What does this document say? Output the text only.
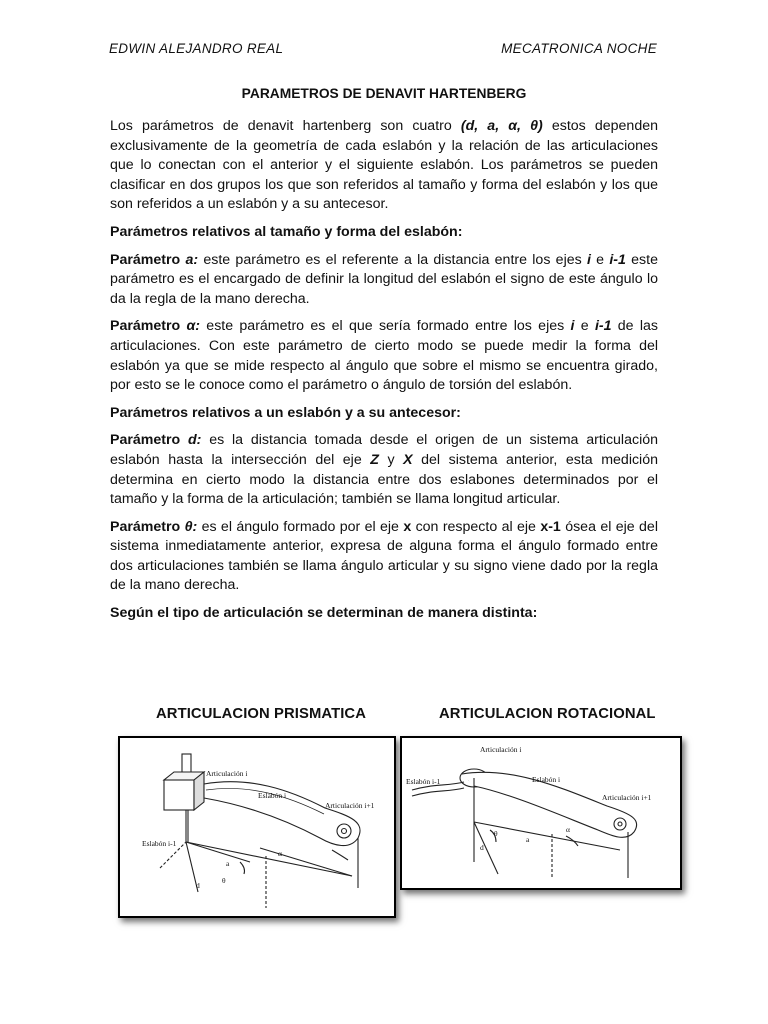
EDWIN ALEJANDRO REAL	MECATRONICA NOCHE
PARAMETROS DE DENAVIT HARTENBERG

Los parámetros de denavit hartenberg son cuatro (d, a, α, θ) estos dependen exclusivamente de la geometría de cada eslabón y la relación de las articulaciones que lo conectan con el anterior y el siguiente eslabón. Los parámetros se pueden clasificar en dos grupos los que son referidos al tamaño y forma del eslabón y los que son referidos a un eslabón y a su antecesor.

Parámetros relativos al tamaño y forma del eslabón:

Parámetro a: este parámetro es el referente a la distancia entre los ejes i e i-1 este parámetro es el encargado de definir la longitud del eslabón el signo de este ángulo lo da la regla de la mano derecha.

Parámetro α: este parámetro es el que sería formado entre los ejes i e i-1 de las articulaciones. Con este parámetro de cierto modo se puede medir la forma del eslabón ya que se mide respecto al ángulo que sobre el mismo se encuentra girado, por esto se le conoce como el parámetro o ángulo de torsión del eslabón.

Parámetros relativos a un eslabón y a su antecesor:

Parámetro d: es la distancia tomada desde el origen de un sistema articulación eslabón hasta la intersección del eje Z y X del sistema anterior, esta medición determina en cierto modo la distancia entre dos eslabones determinados por el tamaño y la forma de la articulación; también se llama longitud articular.

Parámetro θ: es el ángulo formado por el eje x con respecto al eje x-1 ósea el eje del sistema inmediatamente anterior, expresa de alguna forma el ángulo formado entre dos articulaciones también se llama ángulo articular y su signo viene dado por la regla de la mano derecha.

Según el tipo de articulación se determinan de manera distinta:

ARTICULACION PRISMATICA	ARTICULACION ROTACIONAL
Articulación i
Eslabón i
Articulación i+1
Eslabón i-1
a
α
θ
d
Articulación i
Eslabón i
Articulación i+1
Eslabón i-1
a
α
θ
d
